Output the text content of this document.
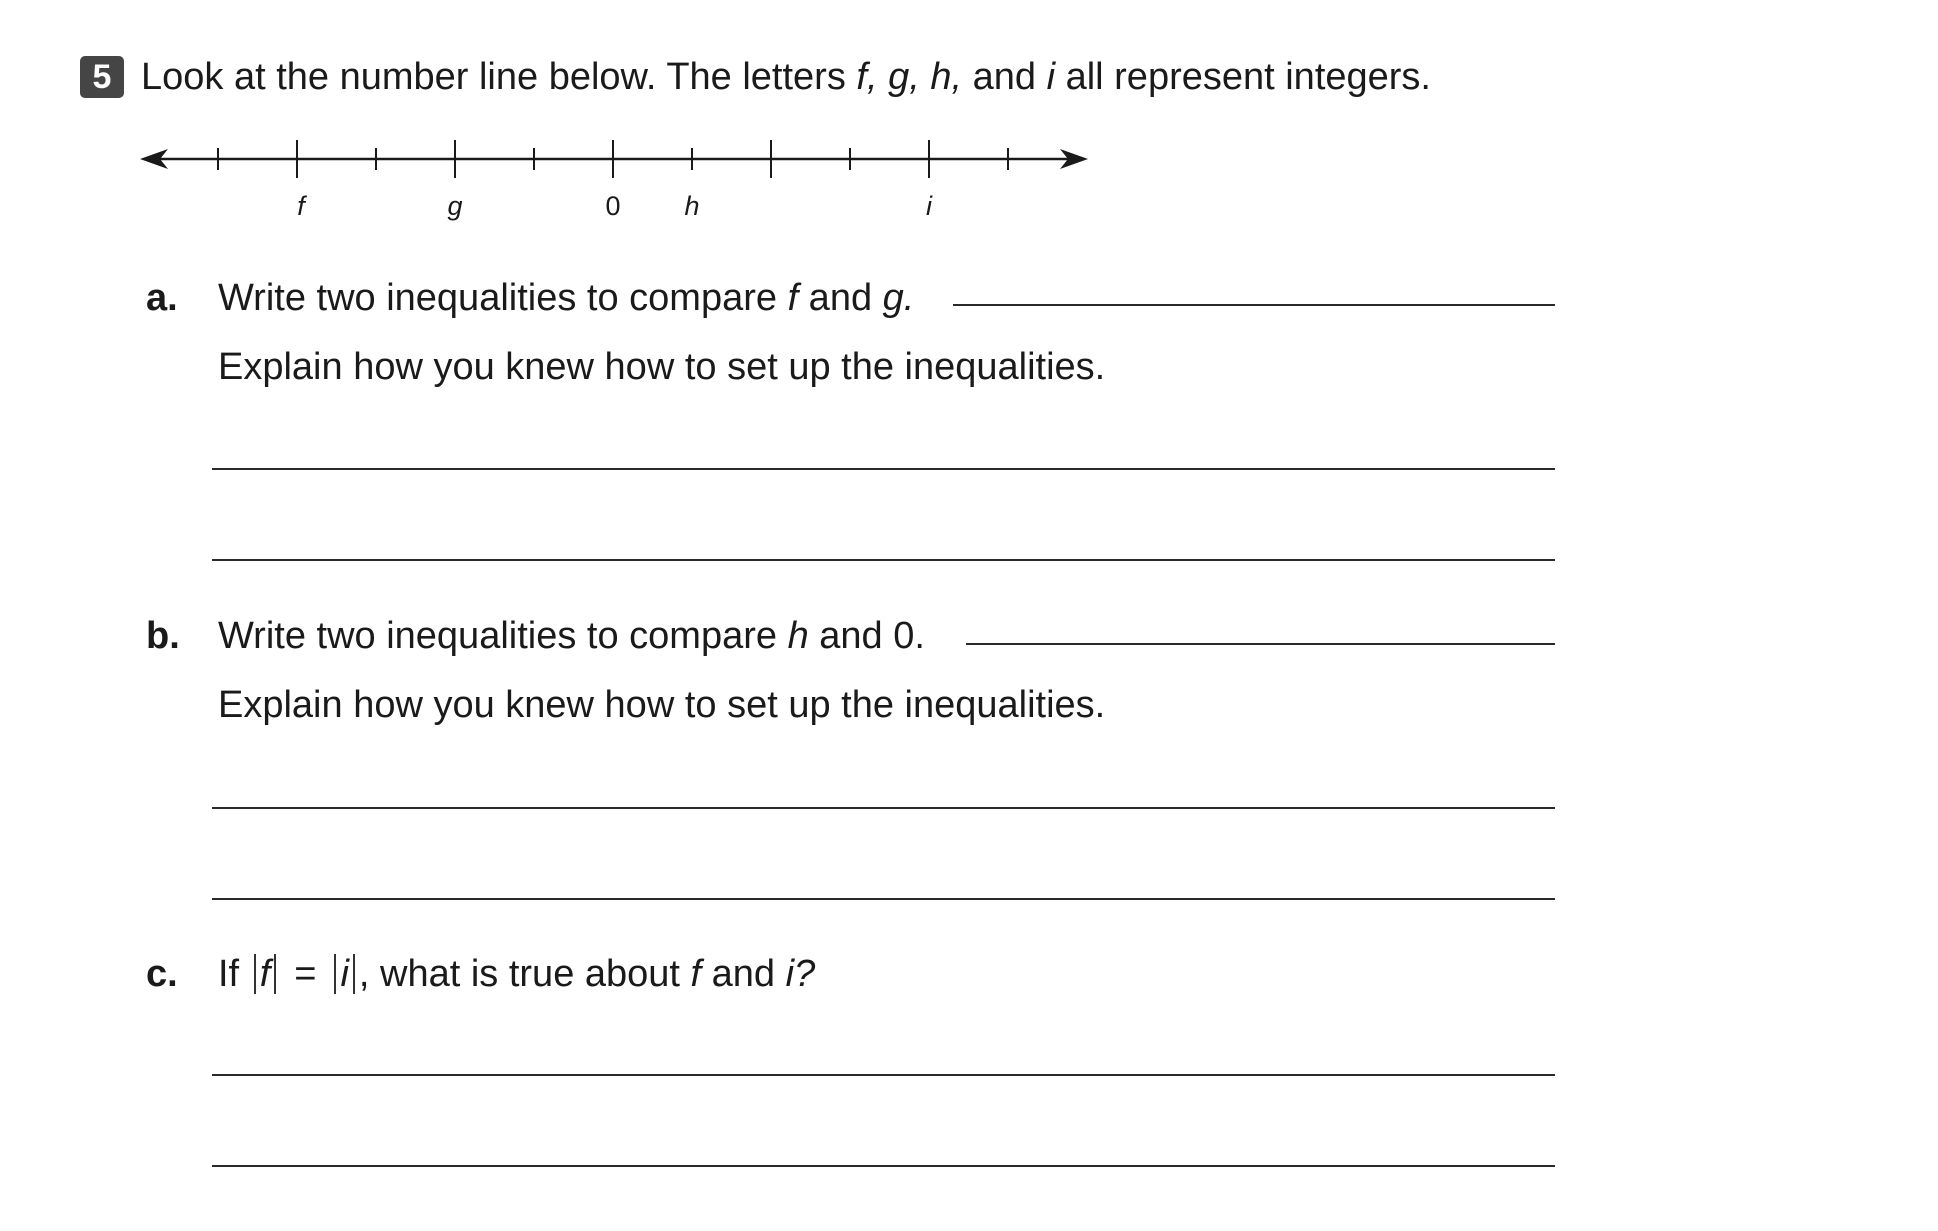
5 Look at the number line below. The letters f, g, h, and i all represent integers.
f	g	0 h	i
a. Write two inequalities to compare f and g.
Explain how you knew how to set up the inequalities.
b. Write two inequalities to compare h and 0.
Explain how you knew how to set up the inequalities.
c. If f = i , what is true about f and i?
